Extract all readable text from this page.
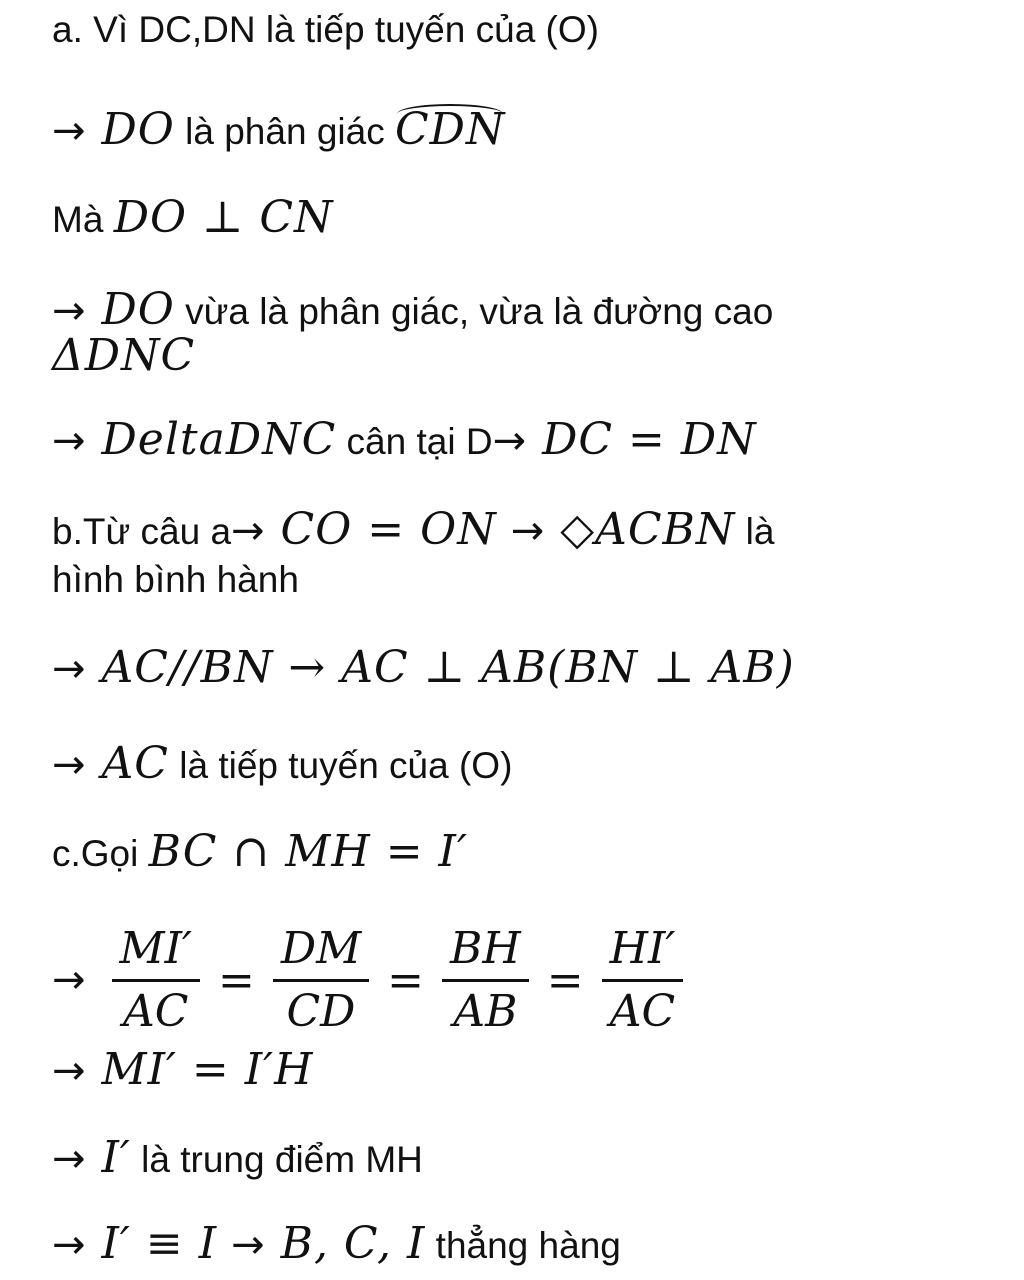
a. Vì DC,DN là tiếp tuyến của (O)
→ DO là phân giác CDN
Mà DO ⊥ CN
→ DO vừa là phân giác, vừa là đường cao
ΔDNC
→ DeltaDNC cân tại D→ DC = DN
b.Từ câu a→ CO = ON → ◇ACBN là
hình bình hành
→ AC//BN → AC ⊥ AB(BN ⊥ AB)
→ AC là tiếp tuyến của (O)
c.Gọi BC ∩ MH = I′
→ $\frac{MI'}{AC} = \frac{DM}{CD} = \frac{BH}{AB} = \frac{HI'}{AC}$
→ MI′ = I′H
→ I′ là trung điểm MH
→ I′ ≡ I → B, C, I thẳng hàng
